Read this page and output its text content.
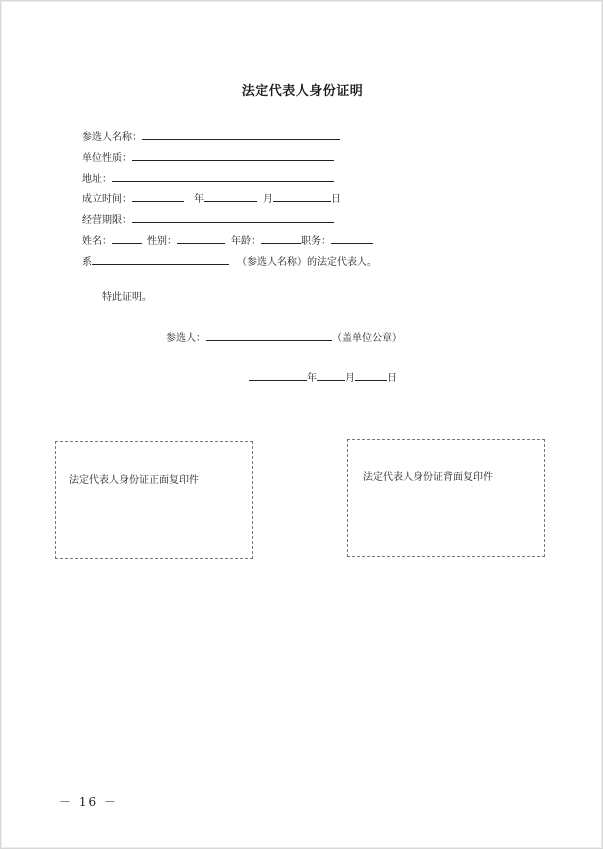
法定代表人身份证明
参选人名称：
单位性质：
地址：
成立时间：	年	月	日
经营期限：
姓名：	性别：	年龄：	职务：
系	（参选人名称）的法定代表人。
特此证明。
参选人：	（盖单位公章）
年	月	日
法定代表人身份证正面复印件	法定代表人身份证背面复印件
－ 16 －
